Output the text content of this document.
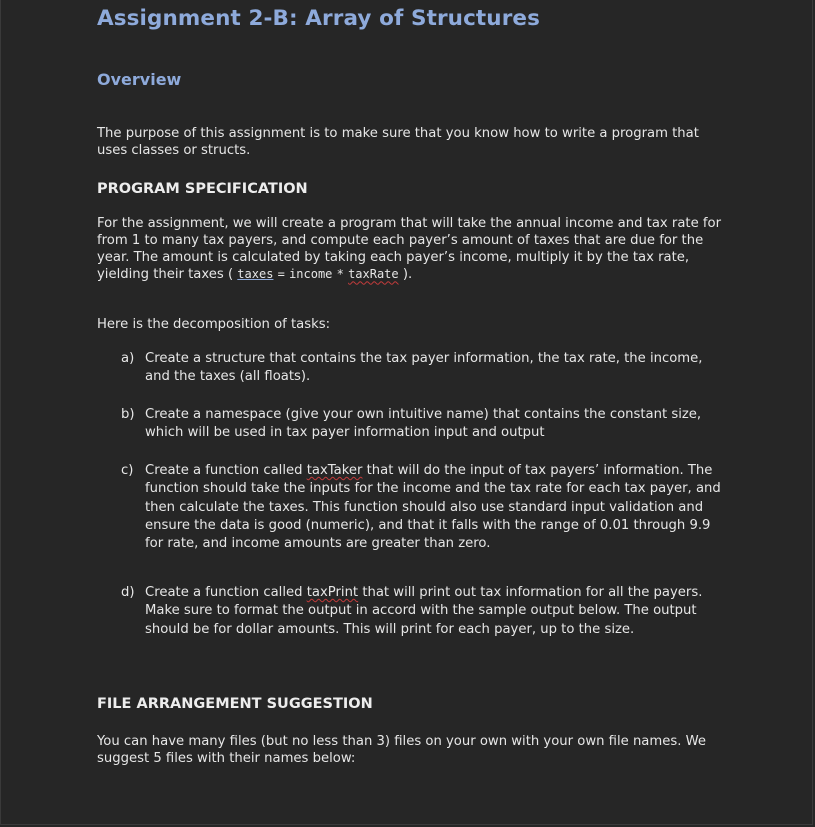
Assignment 2-B: Array of Structures
Overview

The purpose of this assignment is to make sure that you know how to write a program that uses classes or structs.

PROGRAM SPECIFICATION

For the assignment, we will create a program that will take the annual income and tax rate for from 1 to many tax payers, and compute each payer’s amount of taxes that are due for the year. The amount is calculated by taking each payer’s income, multiply it by the tax rate, yielding their taxes ( taxes = income * taxRate ).

Here is the decomposition of tasks:

a) Create a structure that contains the tax payer information, the tax rate, the income, and the taxes (all floats).
b) Create a namespace (give your own intuitive name) that contains the constant size, which will be used in tax payer information input and output
c) Create a function called taxTaker that will do the input of tax payers’ information. The function should take the inputs for the income and the tax rate for each tax payer, and then calculate the taxes. This function should also use standard input validation and ensure the data is good (numeric), and that it falls with the range of 0.01 through 9.9 for rate, and income amounts are greater than zero.
d) Create a function called taxPrint that will print out tax information for all the payers. Make sure to format the output in accord with the sample output below. The output should be for dollar amounts. This will print for each payer, up to the size.
FILE ARRANGEMENT SUGGESTION

You can have many files (but no less than 3) files on your own with your own file names. We suggest 5 files with their names below:
